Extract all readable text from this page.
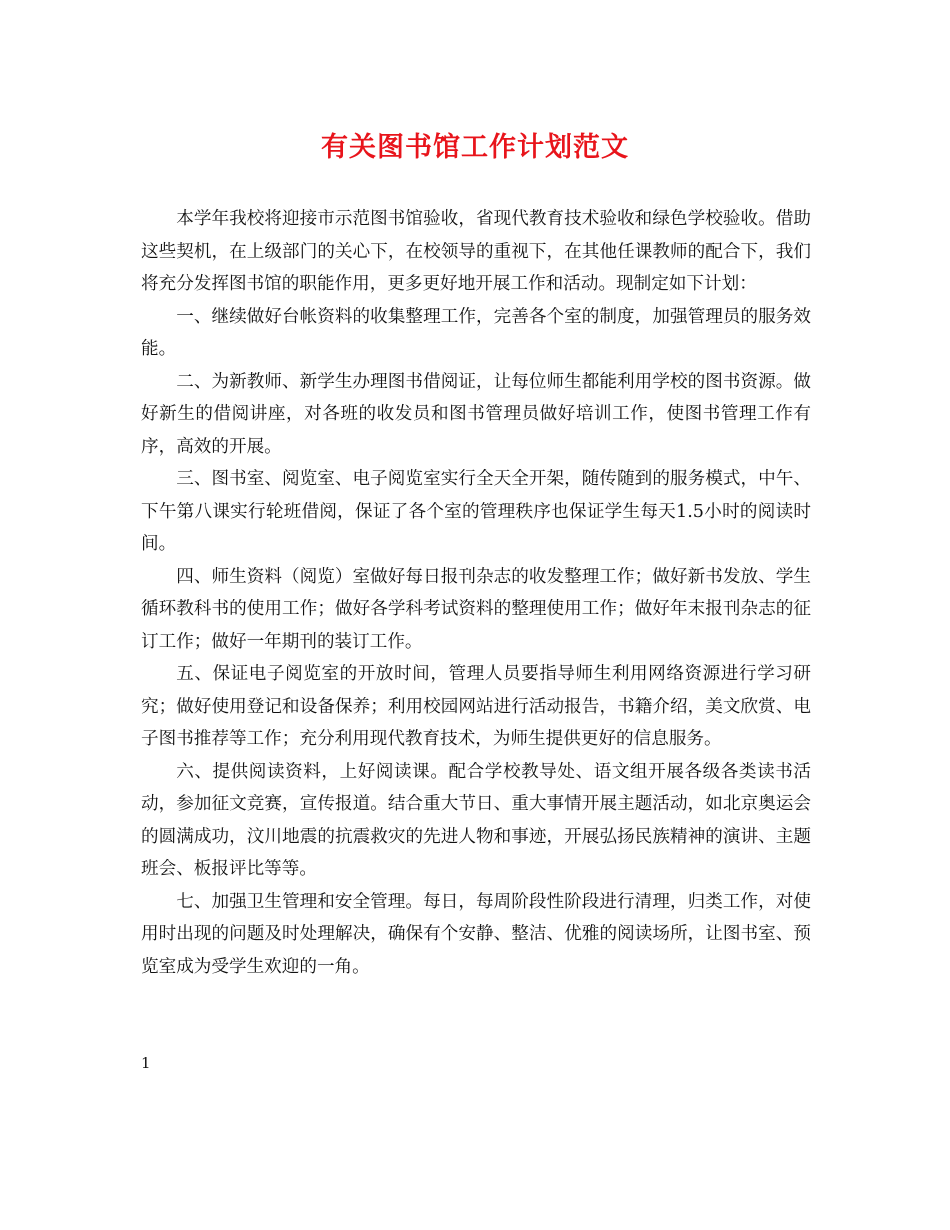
有关图书馆工作计划范文

本学年我校将迎接市示范图书馆验收，省现代教育技术验收和绿色学校验收。借助这些契机，在上级部门的关心下，在校领导的重视下，在其他任课教师的配合下，我们将充分发挥图书馆的职能作用，更多更好地开展工作和活动。现制定如下计划：

一、继续做好台帐资料的收集整理工作，完善各个室的制度，加强管理员的服务效能。

二、为新教师、新学生办理图书借阅证，让每位师生都能利用学校的图书资源。做好新生的借阅讲座，对各班的收发员和图书管理员做好培训工作，使图书管理工作有序，高效的开展。

三、图书室、阅览室、电子阅览室实行全天全开架，随传随到的服务模式，中午、下午第八课实行轮班借阅，保证了各个室的管理秩序也保证学生每天1.5小时的阅读时间。

四、师生资料（阅览）室做好每日报刊杂志的收发整理工作；做好新书发放、学生循环教科书的使用工作；做好各学科考试资料的整理使用工作；做好年末报刊杂志的征订工作；做好一年期刊的装订工作。

五、保证电子阅览室的开放时间，管理人员要指导师生利用网络资源进行学习研究；做好使用登记和设备保养；利用校园网站进行活动报告，书籍介绍，美文欣赏、电子图书推荐等工作；充分利用现代教育技术，为师生提供更好的信息服务。

六、提供阅读资料，上好阅读课。配合学校教导处、语文组开展各级各类读书活动，参加征文竞赛，宣传报道。结合重大节日、重大事情开展主题活动，如北京奥运会的圆满成功，汶川地震的抗震救灾的先进人物和事迹，开展弘扬民族精神的演讲、主题班会、板报评比等等。

七、加强卫生管理和安全管理。每日，每周阶段性阶段进行清理，归类工作，对使用时出现的问题及时处理解决，确保有个安静、整洁、优雅的阅读场所，让图书室、预览室成为受学生欢迎的一角。

1
